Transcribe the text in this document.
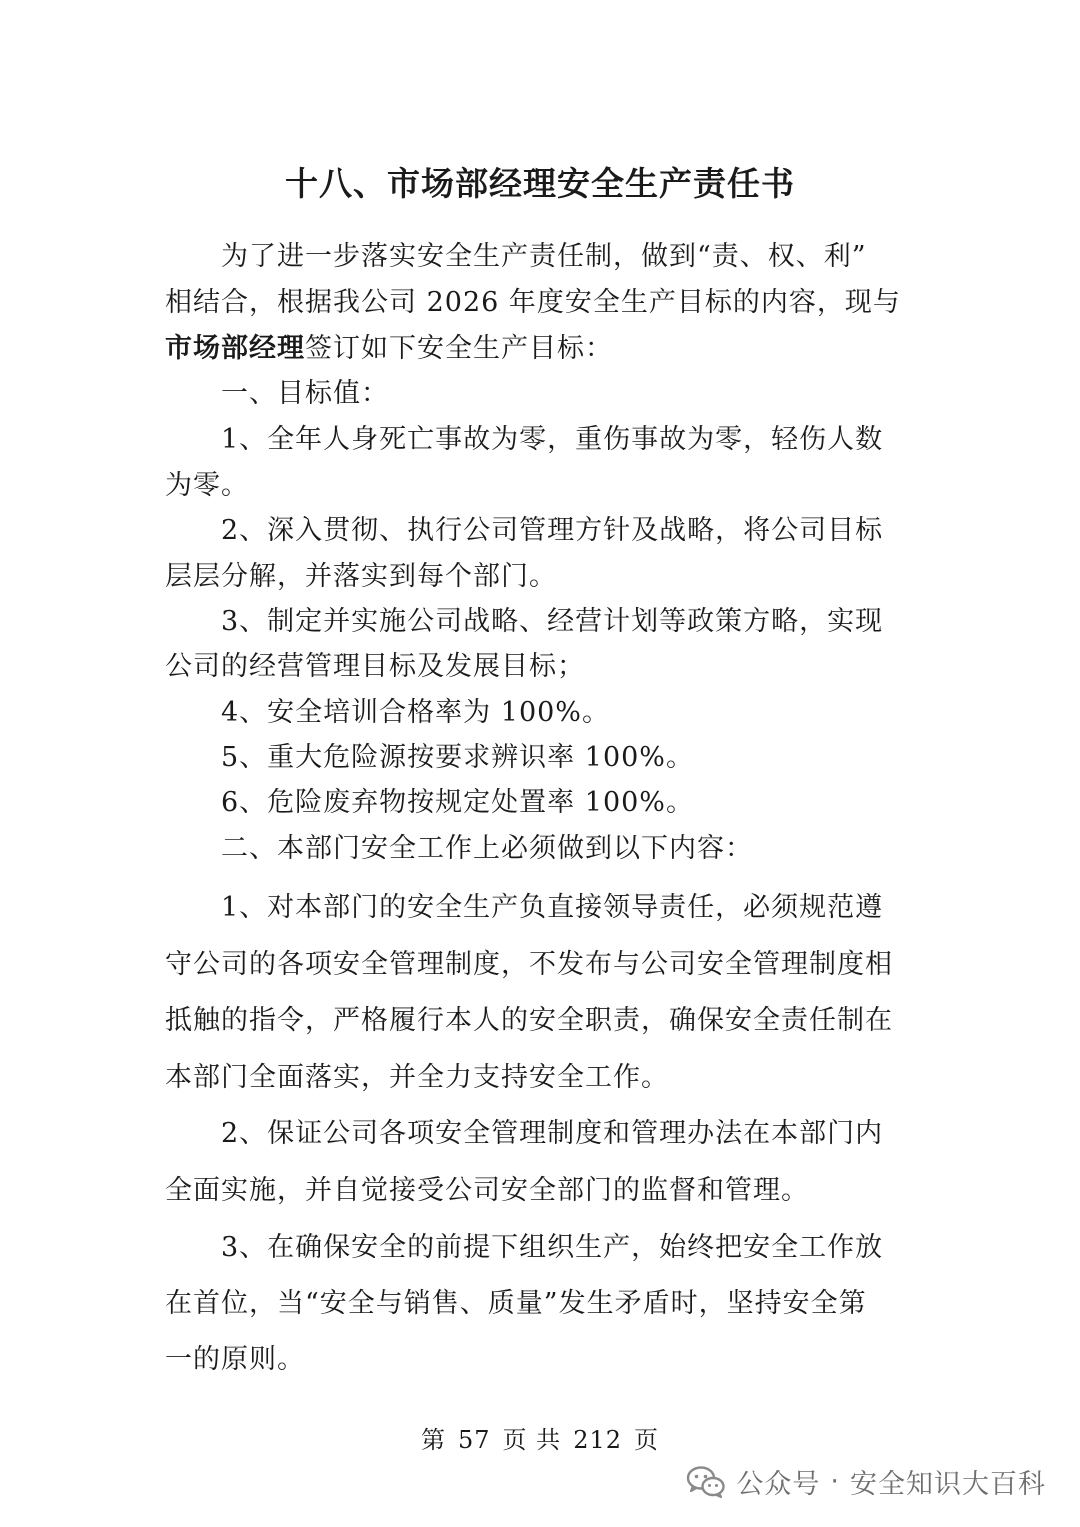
十八、市场部经理安全生产责任书
为了进一步落实安全生产责任制，做到“责、权、利”
相结合，根据我公司 2026 年度安全生产目标的内容，现与
市场部经理签订如下安全生产目标：
一、目标值：
1、全年人身死亡事故为零，重伤事故为零，轻伤人数
为零。
2、深入贯彻、执行公司管理方针及战略，将公司目标
层层分解，并落实到每个部门。
3、制定并实施公司战略、经营计划等政策方略，实现
公司的经营管理目标及发展目标；
4、安全培训合格率为 100%。
5、重大危险源按要求辨识率 100%。
6、危险废弃物按规定处置率 100%。
二、本部门安全工作上必须做到以下内容：
1、对本部门的安全生产负直接领导责任，必须规范遵
守公司的各项安全管理制度，不发布与公司安全管理制度相
抵触的指令，严格履行本人的安全职责，确保安全责任制在
本部门全面落实，并全力支持安全工作。
2、保证公司各项安全管理制度和管理办法在本部门内
全面实施，并自觉接受公司安全部门的监督和管理。
3、在确保安全的前提下组织生产，始终把安全工作放
在首位，当“安全与销售、质量”发生矛盾时，坚持安全第
一的原则。
第 57 页 共 212 页
公众号 · 安全知识大百科
